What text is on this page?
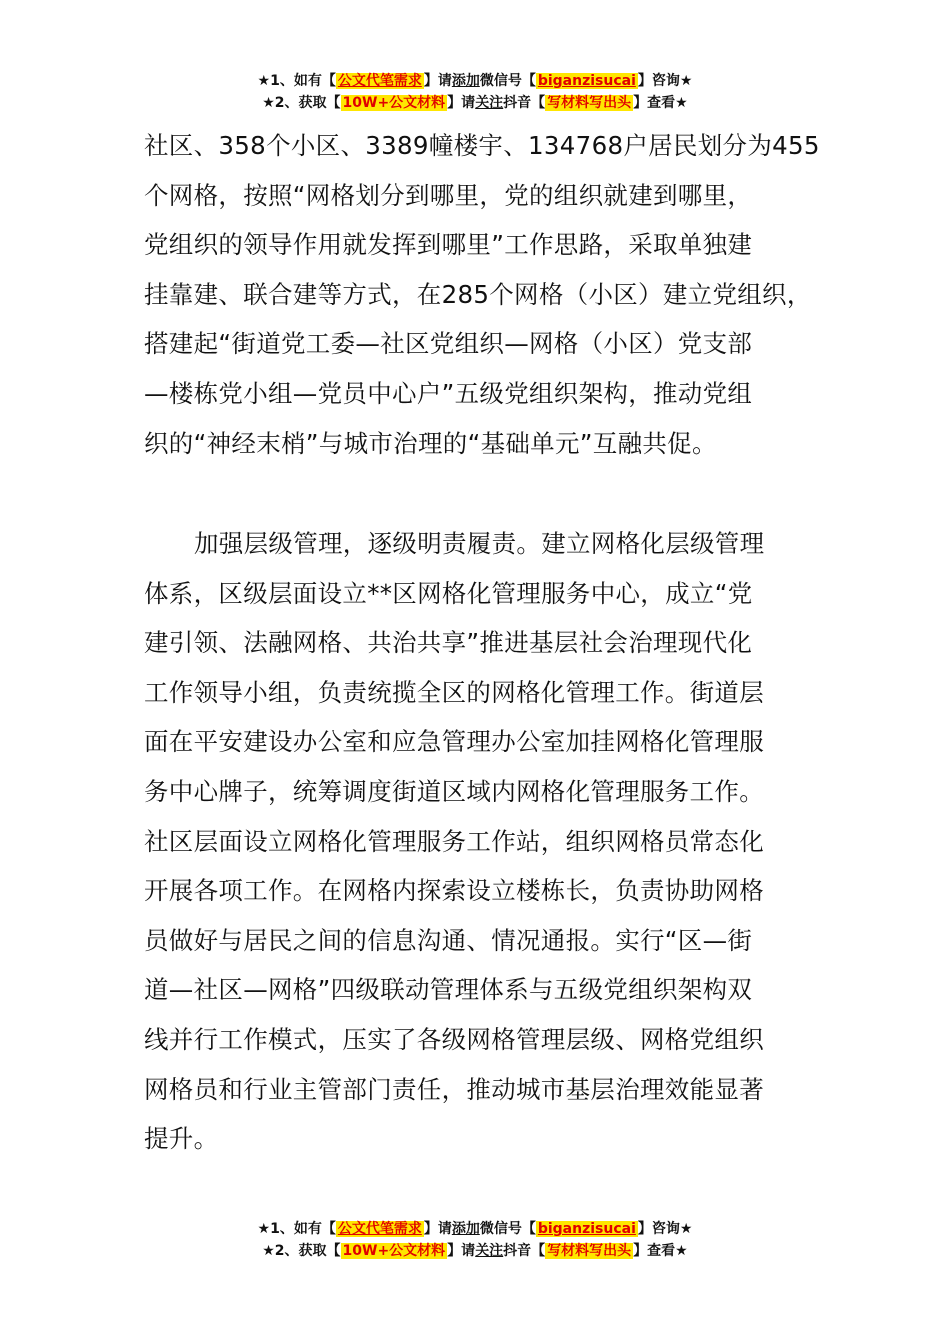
★1、如有【 公文代笔需求 】请添加微信号【 biganzisucai 】咨询★
★2、获取【 10W+公文材料 】请关注抖音【 写材料写出头 】查看★
社区、358个小区、3389幢楼宇、134768户居民划分为455
个网格，按照“网格划分到哪里，党的组织就建到哪里，
党组织的领导作用就发挥到哪里”工作思路，采取单独建
挂靠建、联合建等方式，在285个网格（小区）建立党组织，
搭建起“街道党工委—社区党组织—网格（小区）党支部
—楼栋党小组—党员中心户”五级党组织架构，推动党组
织的“神经末梢”与城市治理的“基础单元”互融共促。
加强层级管理，逐级明责履责。建立网格化层级管理
体系，区级层面设立**区网格化管理服务中心，成立“党
建引领、法融网格、共治共享”推进基层社会治理现代化
工作领导小组，负责统揽全区的网格化管理工作。街道层
面在平安建设办公室和应急管理办公室加挂网格化管理服
务中心牌子，统筹调度街道区域内网格化管理服务工作。
社区层面设立网格化管理服务工作站，组织网格员常态化
开展各项工作。在网格内探索设立楼栋长，负责协助网格
员做好与居民之间的信息沟通、情况通报。实行“区—街
道—社区—网格”四级联动管理体系与五级党组织架构双
线并行工作模式，压实了各级网格管理层级、网格党组织
网格员和行业主管部门责任，推动城市基层治理效能显著
提升。
★1、如有【 公文代笔需求 】请添加微信号【 biganzisucai 】咨询★
★2、获取【 10W+公文材料 】请关注抖音【 写材料写出头 】查看★
